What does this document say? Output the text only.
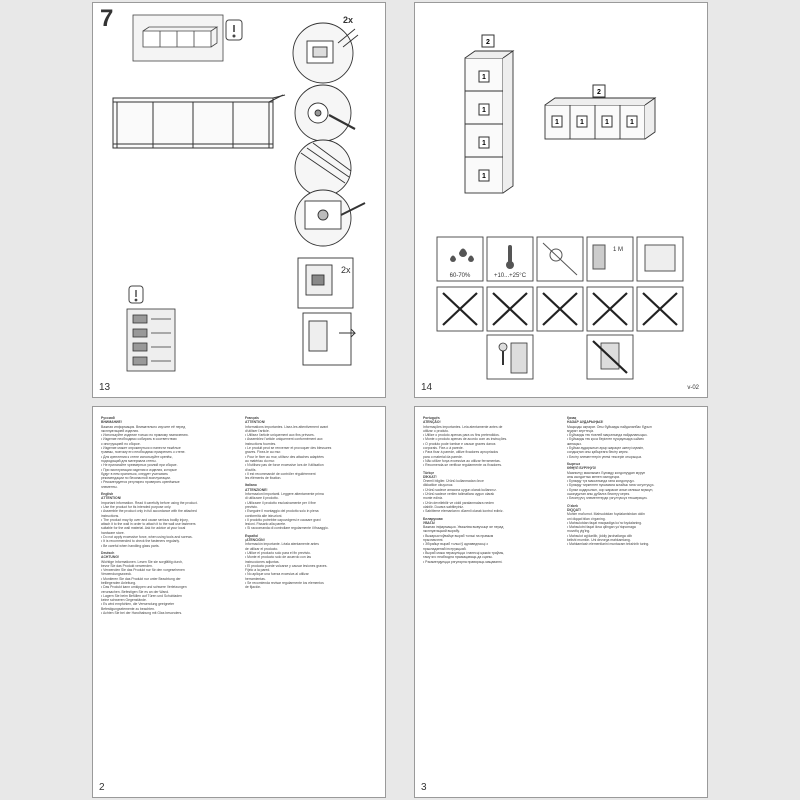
7	2x
2x
13
2
2
1
1
1
1
1	1	1	1
60-70%	+10...+25°C
1 M
14	v-02
Русский
ВНИМАНИЕ!
Важная информация. Внимательно изучите её перед
эксплуатацией изделия.
• Используйте изделие только по прямому назначению.
• Изделие необходимо собирать в соответствии
с инструкцией по сборке.
• Изделие может опрокинуться и нанести тяжёлые
травмы, поэтому его необходимо прикрепить к стене.
• Для крепления к стене используйте крепёж,
подходящий для материала стены.
• Не прилагайте чрезмерных усилий при сборке.
• При эксплуатации изделия и изделия, которые
будут в нем храниться, следует учитывать
рекомендации по безопасной эксплуатации.
• Рекомендуется регулярно проверять крепёжные
элементы.
English
ATTENTION!
Important information. Read it carefully before using the product.
• Use the product for its intended purpose only.
• Assemble the product only in full accordance with the attached
instructions.
• The product may tip over and cause serious bodily injury,
attach it to the wall in order to attach it to the wall use fasteners
suitable for the wall material. Ask for advice at your local
hardware store.
• Do not apply excessive force, when using tools and screws.
• It is recommended to check the fasteners regularly.
• Be careful when handling glass parts.
Deutsch
ACHTUNG!
Wichtige Informationen. Lesen Sie sie sorgfältig durch,
bevor Sie das Produkt verwenden.
• Verwenden Sie das Produkt nur für den vorgesehenen
Verwendungszweck.
• Montieren Sie das Produkt nur unter Beachtung der
beiliegenden Anleitung.
• Das Produkt kann umkippen und schwere Verletzungen
verursachen. Befestigen Sie es an der Wand.
• Lagern Sie beim Befüllen auf Türen und Schubladen
keine schweren Gegenstände.
• Es wird empfohlen, die Verwendung geeigneter
Befestigungselemente zu beachten.
• Achten Sie bei der Handhabung mit Glas besonders.
Français
ATTENTION!
Informations importantes. Lisez-les attentivement avant
d'utiliser l'article.
• Utilisez l'article uniquement aux fins prévues.
• Assemblez l'article uniquement conformément aux
instructions fournies.
• Le produit peut se renverser et provoquer des blessures
graves. Fixez-le au mur.
• Pour le fixer au mur, utilisez des attaches adaptées
au matériau du mur.
• N'utilisez pas de force excessive lors de l'utilisation
d'outils.
• Il est recommandé de contrôler régulièrement
les éléments de fixation.
Italiano
ATTENZIONE!
Informazioni importanti. Leggere attentamente prima
di utilizzare il prodotto.
• Utilizzare il prodotto esclusivamente per il fine
previsto.
• Eseguire il montaggio del prodotto solo in piena
conformità alle istruzioni.
• Il prodotto potrebbe capovolgersi e causare gravi
lesioni. Fissarlo alla parete.
• Si raccomanda di controllare regolarmente il fissaggio.
Español
¡ATENCIÓN!
Información importante. Léala atentamente antes
de utilizar el producto.
• Utilice el producto solo para el fin previsto.
• Monte el producto solo de acuerdo con las
instrucciones adjuntas.
• El producto puede volcarse y causar lesiones graves.
Fíjelo a la pared.
• No aplique una fuerza excesiva al utilizar
herramientas.
• Se recomienda revisar regularmente los elementos
de fijación.
2
Português
ATENÇÃO!
Informações importantes. Leia atentamente antes de
utilizar o produto.
• Utilize o produto apenas para os fins pretendidos.
• Monte o produto apenas de acordo com as instruções.
• O produto pode tombar e causar graves danos
corporais. Fixe-o à parede.
• Para fixar à parede, utilize fixadores apropriados
para o material da parede.
• Não utilize força excessiva ao utilizar ferramentas.
• Recomenda-se verificar regularmente os fixadores.
Türkçe
DİKKAT!
Önemli bilgiler. Ürünü kullanmadan önce
dikkatlice okuyunuz.
• Ürünü sadece amacına uygun olarak kullanınız.
• Ürünü sadece verilen talimatlara uygun olarak
monte ediniz.
• Ürün devrilebilir ve ciddi yaralanmalara neden
olabilir. Duvara sabitleyiniz.
• Sabitleme elemanlarını düzenli olarak kontrol ediniz.
Беларуская
УВАГА!
Важная інфармацыя. Уважліва вывучыце яе перад
эксплуатацыяй вырабу.
• Выкарыстоўвайце выраб толькі па прамым
прызначэнні.
• Збірайце выраб толькі ў адпаведнасці з
прыкладзенай інструкцыяй.
• Выраб можа перакуліцца і нанесці цяжкія траўмы,
таму яго неабходна прымацаваць да сцяны.
• Рэкамендуецца рэгулярна правяраць мацаванні.
Қазақ
НАЗАР АУДАРЫҢЫЗ!
Маңызды ақпарат. Оны бұйымды пайдаланбас бұрын
мұқият зерттеңіз.
• Бұйымды тек тікелей мақсатында пайдаланыңыз.
• Бұйымды тек қоса берілген нұсқаулыққа сәйкес
жинаңыз.
• Бұйым аударылып ауыр жарақат әкелуі мүмкін,
сондықтан оны қабырғаға бекіту керек.
• Бекіту элементтерін үнемі тексеріп отырыңыз.
Кыргыз
КӨҢҮЛ БУРУҢУЗ!
Маанилүү маалымат. Буюмду колдонуудан мурун
аны кылдаттык менен изилдеңиз.
• Буюмду түз максатында гана колдонуңуз.
• Буюмду тиркелген нускамага ылайык гана чогултуңуз.
• Буюм оодарылып, оор жаракат алып келиши мүмкүн,
ошондуктан аны дубалга бекитүү керек.
• Бекитүүчү элементтерди үзгүлтүксүз текшериңиз.
O'zbek
DIQQAT!
Muhim ma'lumot. Mahsulotdan foydalanishdan oldin
uni diqqat bilan o'rganing.
• Mahsulotdan faqat maqsadiga ko'ra foydalaning.
• Mahsulotni faqat ilova qilingan yo'riqnomaga
muvofiq yig'ing.
• Mahsulot ag'darilib, jiddiy jarohatlarga olib
kelishi mumkin. Uni devorga mahkamlang.
• Mahkamlash elementlarini muntazam tekshirib turing.
3
